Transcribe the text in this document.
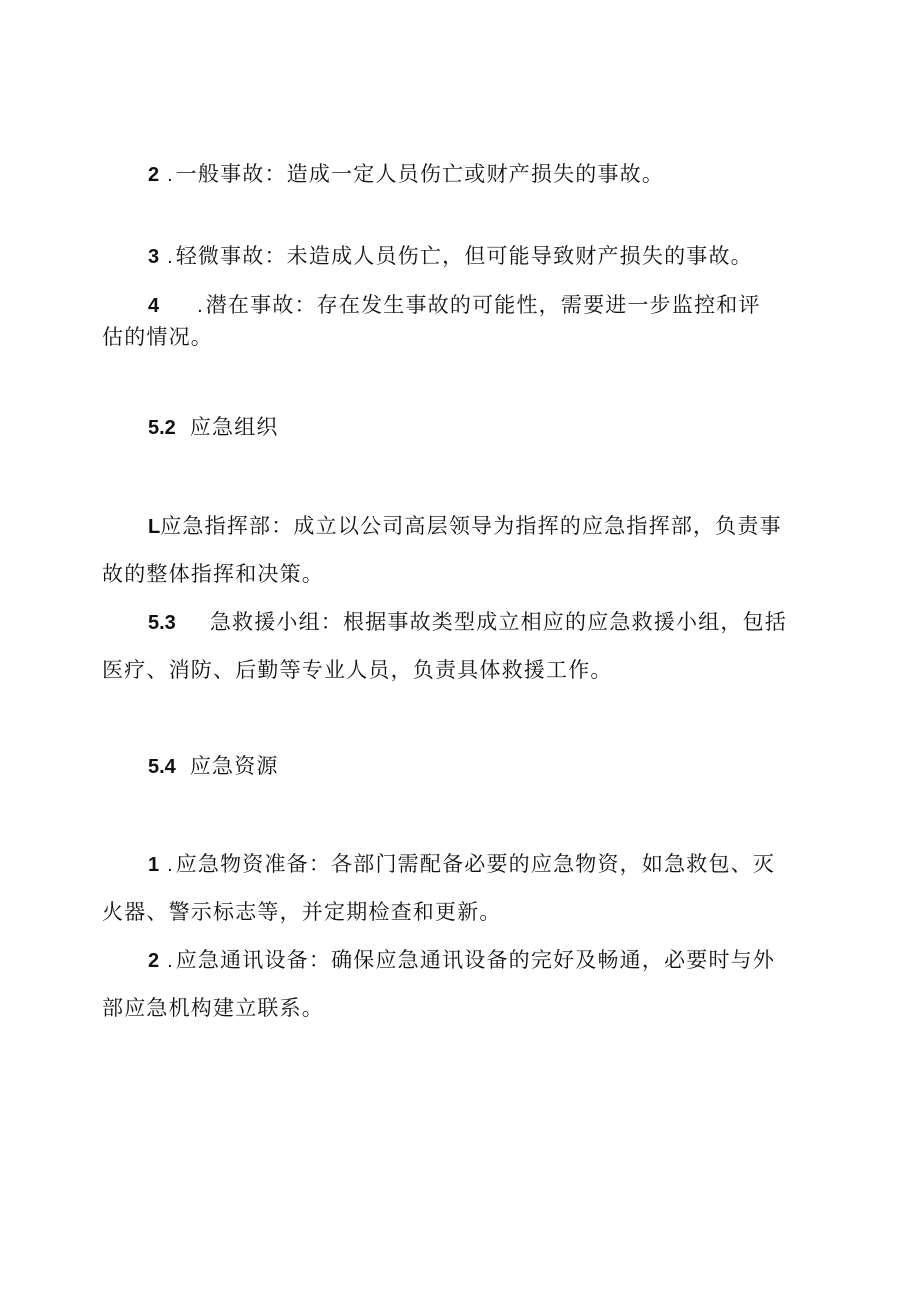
2 . 一般事故：造成一定人员伤亡或财产损失的事故。
3 . 轻微事故：未造成人员伤亡，但可能导致财产损失的事故。
4 . 潜在事故：存在发生事故的可能性，需要进一步监控和评
估的情况。
5.2 应急组织
L应急指挥部：成立以公司高层领导为指挥的应急指挥部，负责事
故的整体指挥和决策。
5.3 急救援小组：根据事故类型成立相应的应急救援小组，包括
医疗、消防、后勤等专业人员，负责具体救援工作。
5.4 应急资源
1 . 应急物资准备：各部门需配备必要的应急物资，如急救包、灭
火器、警示标志等，并定期检查和更新。
2 . 应急通讯设备：确保应急通讯设备的完好及畅通，必要时与外
部应急机构建立联系。
